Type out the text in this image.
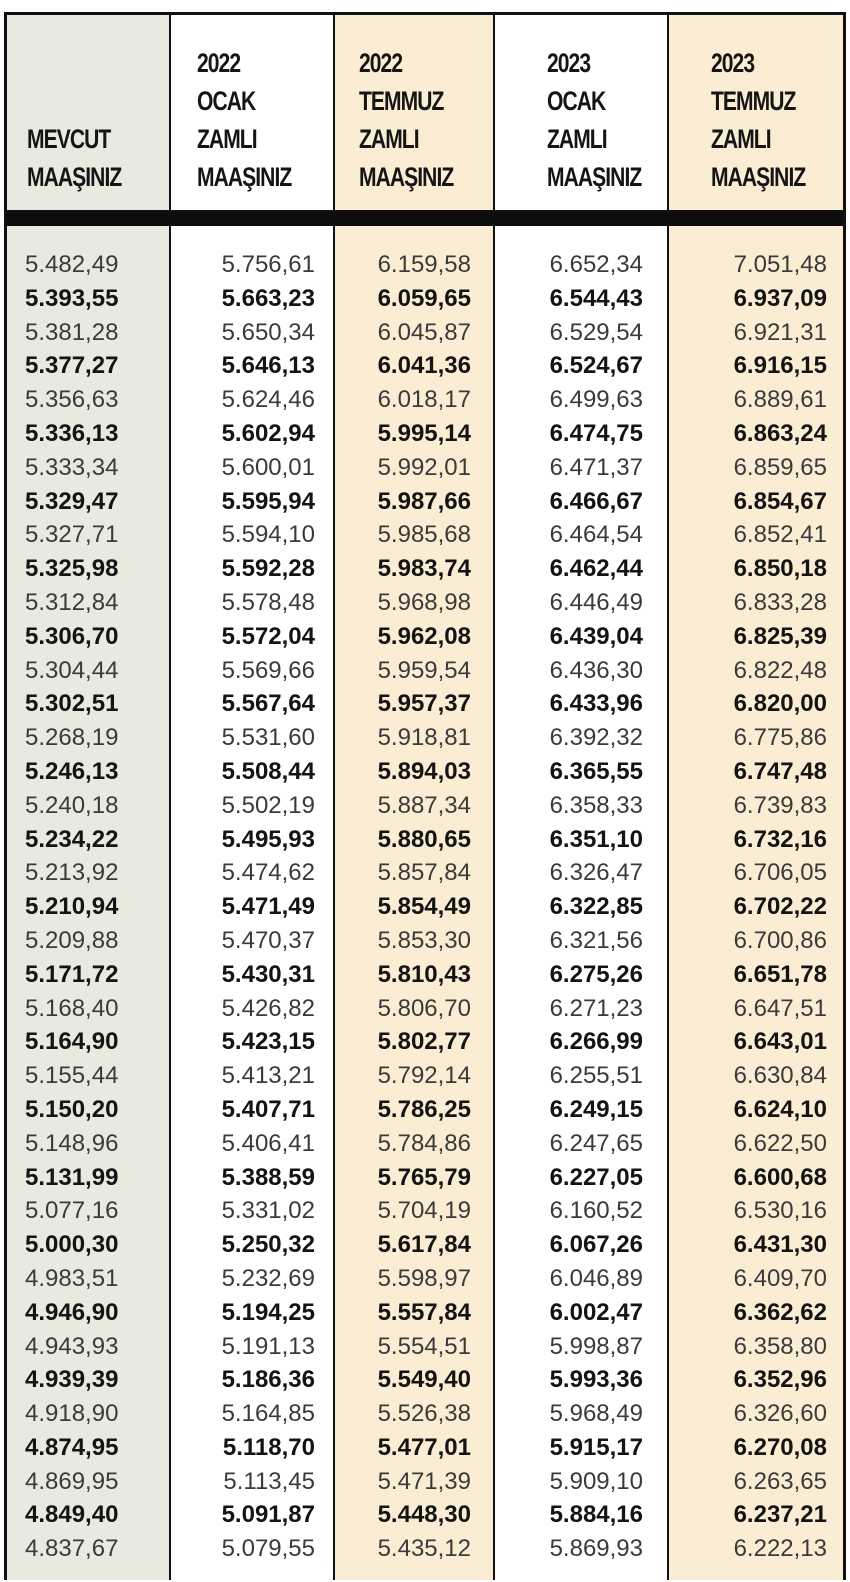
MEVCUT
MAAŞINIZ
2022
OCAK
ZAMLI
MAAŞINIZ
2022
TEMMUZ
ZAMLI
MAAŞINIZ
2023
OCAK
ZAMLI
MAAŞINIZ
2023
TEMMUZ
ZAMLI
MAAŞINIZ
5.482,49
5.393,55
5.381,28
5.377,27
5.356,63
5.336,13
5.333,34
5.329,47
5.327,71
5.325,98
5.312,84
5.306,70
5.304,44
5.302,51
5.268,19
5.246,13
5.240,18
5.234,22
5.213,92
5.210,94
5.209,88
5.171,72
5.168,40
5.164,90
5.155,44
5.150,20
5.148,96
5.131,99
5.077,16
5.000,30
4.983,51
4.946,90
4.943,93
4.939,39
4.918,90
4.874,95
4.869,95
4.849,40
4.837,67
5.756,61
5.663,23
5.650,34
5.646,13
5.624,46
5.602,94
5.600,01
5.595,94
5.594,10
5.592,28
5.578,48
5.572,04
5.569,66
5.567,64
5.531,60
5.508,44
5.502,19
5.495,93
5.474,62
5.471,49
5.470,37
5.430,31
5.426,82
5.423,15
5.413,21
5.407,71
5.406,41
5.388,59
5.331,02
5.250,32
5.232,69
5.194,25
5.191,13
5.186,36
5.164,85
5.118,70
5.113,45
5.091,87
5.079,55
6.159,58
6.059,65
6.045,87
6.041,36
6.018,17
5.995,14
5.992,01
5.987,66
5.985,68
5.983,74
5.968,98
5.962,08
5.959,54
5.957,37
5.918,81
5.894,03
5.887,34
5.880,65
5.857,84
5.854,49
5.853,30
5.810,43
5.806,70
5.802,77
5.792,14
5.786,25
5.784,86
5.765,79
5.704,19
5.617,84
5.598,97
5.557,84
5.554,51
5.549,40
5.526,38
5.477,01
5.471,39
5.448,30
5.435,12
6.652,34
6.544,43
6.529,54
6.524,67
6.499,63
6.474,75
6.471,37
6.466,67
6.464,54
6.462,44
6.446,49
6.439,04
6.436,30
6.433,96
6.392,32
6.365,55
6.358,33
6.351,10
6.326,47
6.322,85
6.321,56
6.275,26
6.271,23
6.266,99
6.255,51
6.249,15
6.247,65
6.227,05
6.160,52
6.067,26
6.046,89
6.002,47
5.998,87
5.993,36
5.968,49
5.915,17
5.909,10
5.884,16
5.869,93
7.051,48
6.937,09
6.921,31
6.916,15
6.889,61
6.863,24
6.859,65
6.854,67
6.852,41
6.850,18
6.833,28
6.825,39
6.822,48
6.820,00
6.775,86
6.747,48
6.739,83
6.732,16
6.706,05
6.702,22
6.700,86
6.651,78
6.647,51
6.643,01
6.630,84
6.624,10
6.622,50
6.600,68
6.530,16
6.431,30
6.409,70
6.362,62
6.358,80
6.352,96
6.326,60
6.270,08
6.263,65
6.237,21
6.222,13
